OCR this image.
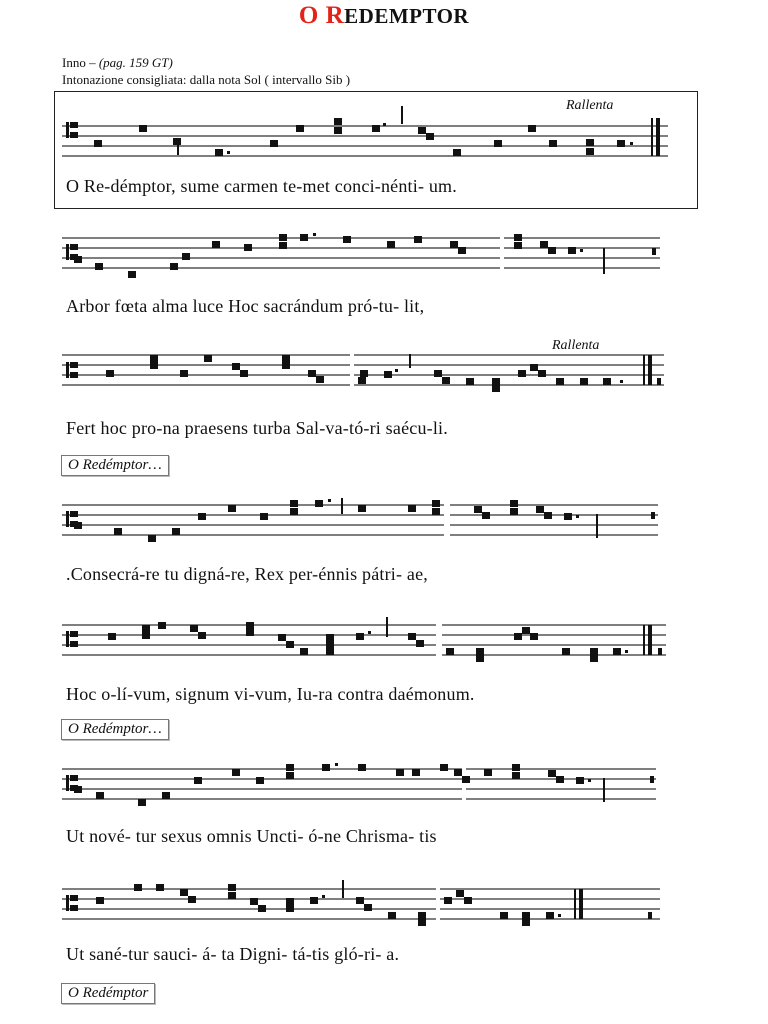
O REDEMPTOR
Inno – (pag. 159 GT)
Intonazione consigliata: dalla nota Sol ( intervallo Sib )
Rallenta
O Re-démptor, sume carmen te-met conci-nénti- um.
Arbor fœta alma luce Hoc sacrándum pró-tu- lit,
Rallenta
Fert hoc pro-na praesens turba Sal-va-tó-ri saécu-li.
O Redémptor…
.Consecrá-re tu digná-re, Rex per-énnis pátri- ae,
Hoc o-lí-vum, signum vi-vum, Iu-ra contra daémonum.
O Redémptor…
Ut nové- tur sexus omnis Uncti- ó-ne Chrisma- tis
Ut sané-tur sauci- á- ta Digni- tá-tis gló-ri- a.
O Redémptor
